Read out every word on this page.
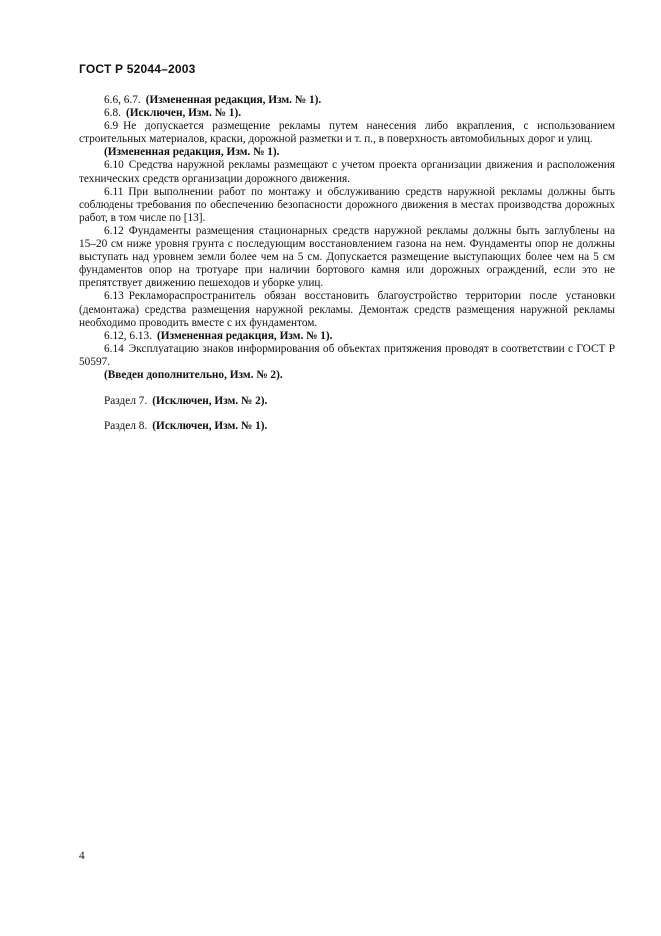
ГОСТ Р 52044–2003

6.6, 6.7. (Измененная редакция, Изм. № 1).

6.8. (Исключен, Изм. № 1).

6.9 Не допускается размещение рекламы путем нанесения либо вкрапления, с использованием строительных материалов, краски, дорожной разметки и т. п., в поверхность автомобильных дорог и улиц.

(Измененная редакция, Изм. № 1).

6.10 Средства наружной рекламы размещают с учетом проекта организации движения и расположения технических средств организации дорожного движения.

6.11 При выполнении работ по монтажу и обслуживанию средств наружной рекламы должны быть соблюдены требования по обеспечению безопасности дорожного движения в местах производства дорожных работ, в том числе по [13].

6.12 Фундаменты размещения стационарных средств наружной рекламы должны быть заглублены на 15–20 см ниже уровня грунта с последующим восстановлением газона на нем. Фундаменты опор не должны выступать над уровнем земли более чем на 5 см. Допускается размещение выступающих более чем на 5 см фундаментов опор на тротуаре при наличии бортового камня или дорожных ограждений, если это не препятствует движению пешеходов и уборке улиц.

6.13 Рекламораспространитель обязан восстановить благоустройство территории после установки (демонтажа) средства размещения наружной рекламы. Демонтаж средств размещения наружной рекламы необходимо проводить вместе с их фундаментом.

6.12, 6.13. (Измененная редакция, Изм. № 1).

6.14 Эксплуатацию знаков информирования об объектах притяжения проводят в соответствии с ГОСТ Р 50597.

(Введен дополнительно, Изм. № 2).

Раздел 7. (Исключен, Изм. № 2).

Раздел 8. (Исключен, Изм. № 1).

4
